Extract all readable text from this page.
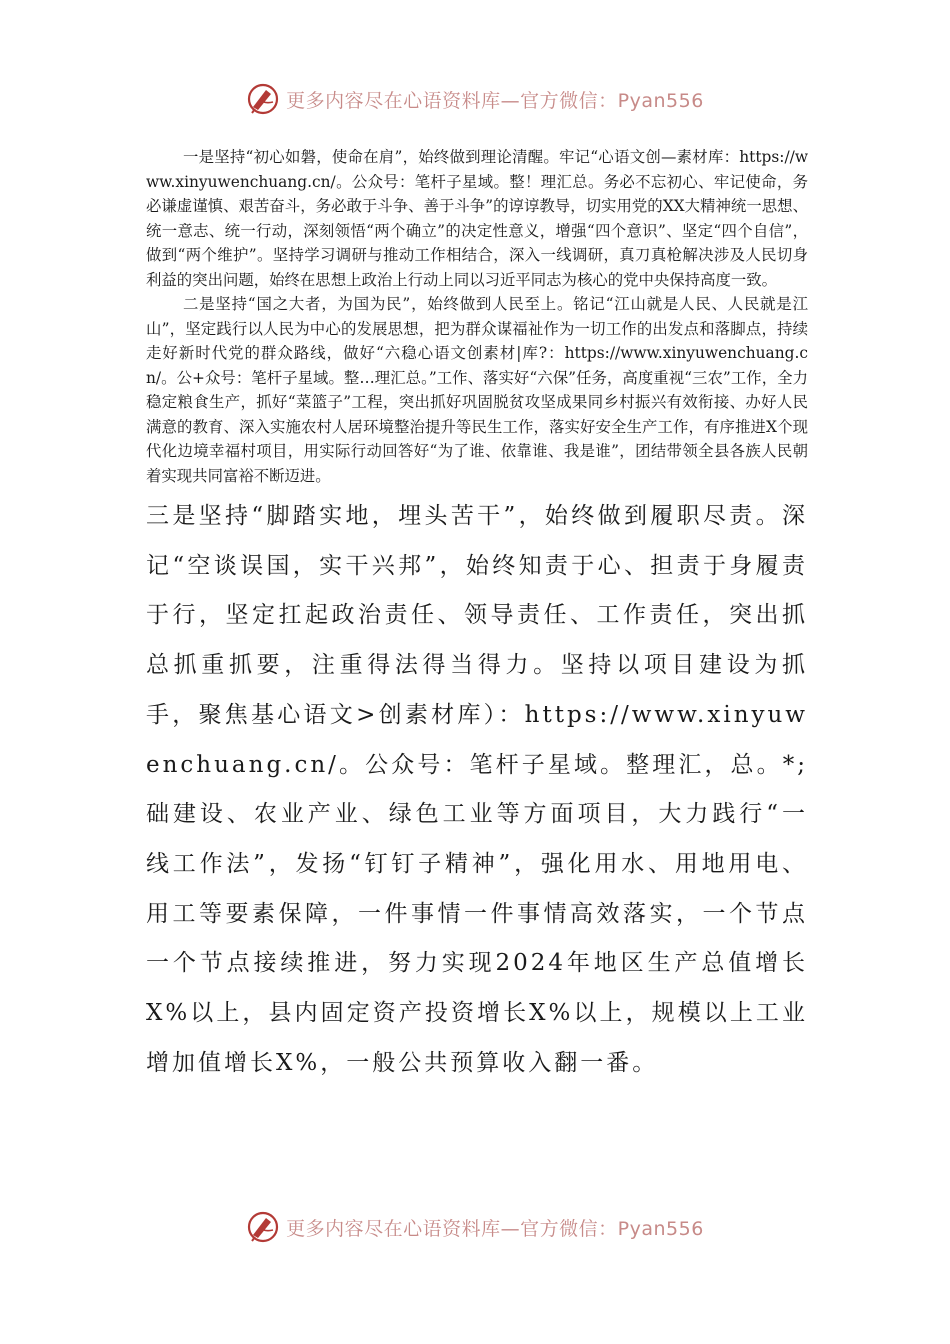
更多内容尽在心语资料库—官方微信：Pyan556

一是坚持“初心如磐，使命在肩”，始终做到理论清醒。牢记“心语文创—素材库：https://www.xinyuwenchuang.cn/。公众号：笔杆子星域。整！理汇总。务必不忘初心、牢记使命，务必谦虚谨慎、艰苦奋斗，务必敢于斗争、善于斗争”的谆谆教导，切实用党的XX大精神统一思想、统一意志、统一行动，深刻领悟“两个确立”的决定性意义，增强“四个意识”、坚定“四个自信”，做到“两个维护”。坚持学习调研与推动工作相结合，深入一线调研，真刀真枪解决涉及人民切身利益的突出问题，始终在思想上政治上行动上同以习近平同志为核心的党中央保持高度一致。

二是坚持“国之大者，为国为民”，始终做到人民至上。铭记“江山就是人民、人民就是江山”，坚定践行以人民为中心的发展思想，把为群众谋福祉作为一切工作的出发点和落脚点，持续走好新时代党的群众路线，做好“六稳心语文创素材|库?：https://www.xinyuwenchuang.cn/。公+众号：笔杆子星域。整…理汇总。”工作、落实好“六保”任务，高度重视“三农”工作，全力稳定粮食生产，抓好“菜篮子”工程，突出抓好巩固脱贫攻坚成果同乡村振兴有效衔接、办好人民满意的教育、深入实施农村人居环境整治提升等民生工作，落实好安全生产工作，有序推进X个现代化边境幸福村项目，用实际行动回答好“为了谁、依靠谁、我是谁”，团结带领全县各族人民朝着实现共同富裕不断迈进。

三是坚持“脚踏实地，埋头苦干”，始终做到履职尽责。深记“空谈误国，实干兴邦”，始终知责于心、担责于身履责于行，坚定扛起政治责任、领导责任、工作责任，突出抓总抓重抓要，注重得法得当得力。坚持以项目建设为抓手，聚焦基心语文>创素材库）：https://www.xinyuwenchuang.cn/。公众号：笔杆子星域。整理汇，总。*;础建设、农业产业、绿色工业等方面项目，大力践行“一线工作法”，发扬“钉钉子精神”，强化用水、用地用电、用工等要素保障，一件事情一件事情高效落实，一个节点一个节点接续推进，努力实现2024年地区生产总值增长X%以上，县内固定资产投资增长X%以上，规模以上工业增加值增长X%，一般公共预算收入翻一番。

更多内容尽在心语资料库—官方微信：Pyan556
